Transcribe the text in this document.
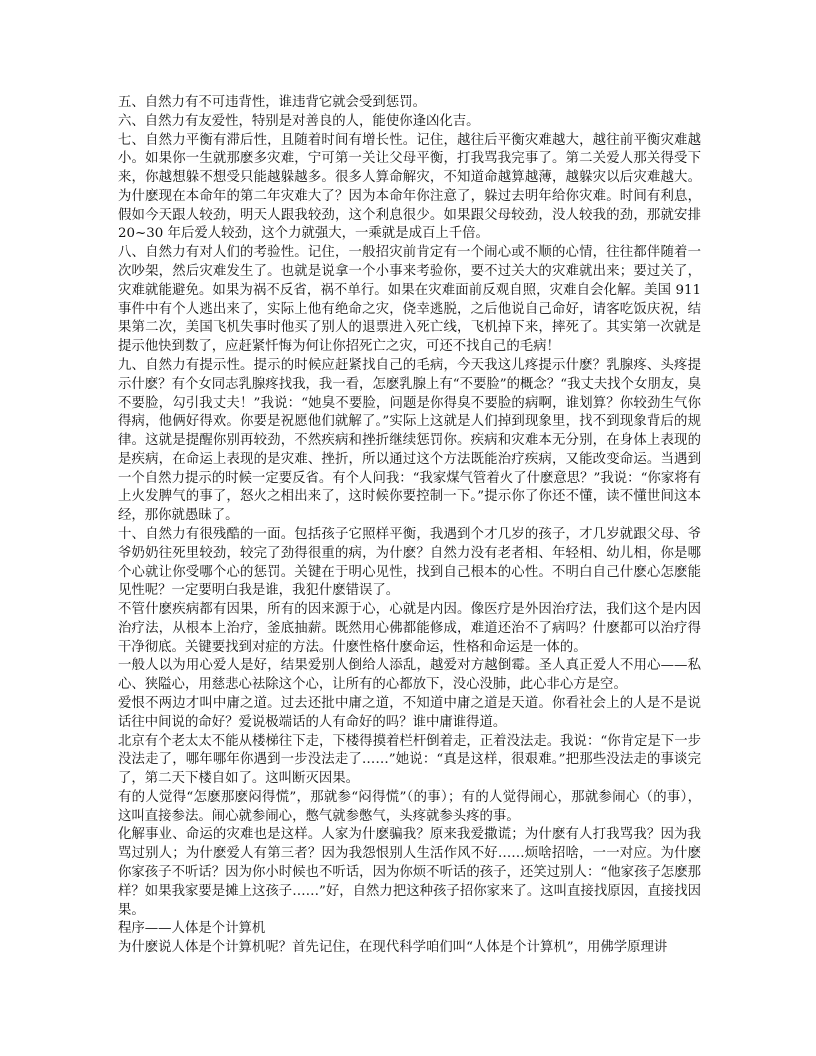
五、自然力有不可违背性，谁违背它就会受到惩罚。

六、自然力有友爱性，特别是对善良的人，能使你逢凶化吉。

七、自然力平衡有滞后性，且随着时间有增长性。记住，越往后平衡灾难越大，越往前平衡灾难越小。如果你一生就那麽多灾难，宁可第一关让父母平衡，打我骂我完事了。第二关爱人那关得受下来，你越想躲不想受只能越躲越多。很多人算命解灾，不知道命越算越薄，越躲灾以后灾难越大。为什麽现在本命年的第二年灾难大了？因为本命年你注意了，躲过去明年给你灾难。时间有利息，假如今天跟人较劲，明天人跟我较劲，这个利息很少。如果跟父母较劲，没人较我的劲，那就安排 20~30 年后爱人较劲，这个力就强大，一乘就是成百上千倍。

八、自然力有对人们的考验性。记住，一般招灾前肯定有一个闹心或不顺的心情，往往都伴随着一次吵架，然后灾难发生了。也就是说拿一个小事来考验你，要不过关大的灾难就出来；要过关了，灾难就能避免。如果为祸不反省，祸不单行。如果在灾难面前反观自照，灾难自会化解。美国 911 事件中有个人逃出来了，实际上他有绝命之灾，侥幸逃脱，之后他说自己命好，请客吃饭庆祝，结果第二次，美国飞机失事时他买了别人的退票进入死亡线，飞机掉下来，摔死了。其实第一次就是提示他快到数了，应赶紧忏悔为何让你招死亡之灾，可还不找自己的毛病！

九、自然力有提示性。提示的时候应赶紧找自己的毛病，今天我这儿疼提示什麽？乳腺疼、头疼提示什麽？有个女同志乳腺疼找我，我一看，怎麽乳腺上有“不要脸”的概念？“我丈夫找个女朋友，臭不要脸，勾引我丈夫！”我说：“她臭不要脸，问题是你得臭不要脸的病啊，谁划算？你较劲生气你得病，他俩好得欢。你要是祝愿他们就解了。”实际上这就是人们掉到现象里，找不到现象背后的规律。这就是提醒你别再较劲，不然疾病和挫折继续惩罚你。疾病和灾难本无分别，在身体上表现的是疾病，在命运上表现的是灾难、挫折，所以通过这个方法既能治疗疾病，又能改变命运。当遇到一个自然力提示的时候一定要反省。有个人问我：“我家煤气管着火了什麽意思？”我说：“你家将有上火发脾气的事了，怒火之相出来了，这时候你要控制一下。”提示你了你还不懂，读不懂世间这本经，那你就愚昧了。

十、自然力有很残酷的一面。包括孩子它照样平衡，我遇到个才几岁的孩子，才几岁就跟父母、爷爷奶奶往死里较劲，较完了劲得很重的病，为什麽？自然力没有老者相、年轻相、幼儿相，你是哪个心就让你受哪个心的惩罚。关键在于明心见性，找到自己根本的心性。不明白自己什麽心怎麽能见性呢？一定要明白我是谁，我犯什麽错误了。

不管什麽疾病都有因果，所有的因来源于心，心就是内因。像医疗是外因治疗法，我们这个是内因治疗法，从根本上治疗，釜底抽薪。既然用心佛都能修成，难道还治不了病吗？什麽都可以治疗得干净彻底。关键要找到对症的方法。什麽性格什麽命运，性格和命运是一体的。

一般人以为用心爱人是好，结果爱别人倒给人添乱，越爱对方越倒霉。圣人真正爱人不用心——私心、狭隘心，用慈悲心祛除这个心，让所有的心都放下，没心没肺，此心非心方是空。

爱恨不两边才叫中庸之道。过去还批中庸之道，不知道中庸之道是天道。你看社会上的人是不是说话往中间说的命好？爱说极端话的人有命好的吗？谁中庸谁得道。

北京有个老太太不能从楼梯往下走，下楼得摸着栏杆倒着走，正着没法走。我说：“你肯定是下一步没法走了，哪年哪年你遇到一步没法走了……”她说：“真是这样，很艰难。”把那些没法走的事谈完了，第二天下楼自如了。这叫断灭因果。

有的人觉得“怎麽那麽闷得慌”，那就参“闷得慌”（的事）；有的人觉得闹心，那就参闹心（的事），这叫直接参法。闹心就参闹心，憋气就参憋气，头疼就参头疼的事。

化解事业、命运的灾难也是这样。人家为什麽骗我？原来我爱撒谎；为什麽有人打我骂我？因为我骂过别人；为什麽爱人有第三者？因为我怨恨别人生活作风不好……烦啥招啥，一一对应。为什麽你家孩子不听话？因为你小时候也不听话，因为你烦不听话的孩子，还笑过别人：“他家孩子怎麽那样？如果我家要是摊上这孩子……”好，自然力把这种孩子招你家来了。这叫直接找原因，直接找因果。

程序——人体是个计算机

为什麽说人体是个计算机呢？首先记住，在现代科学咱们叫“人体是个计算机”，用佛学原理讲
